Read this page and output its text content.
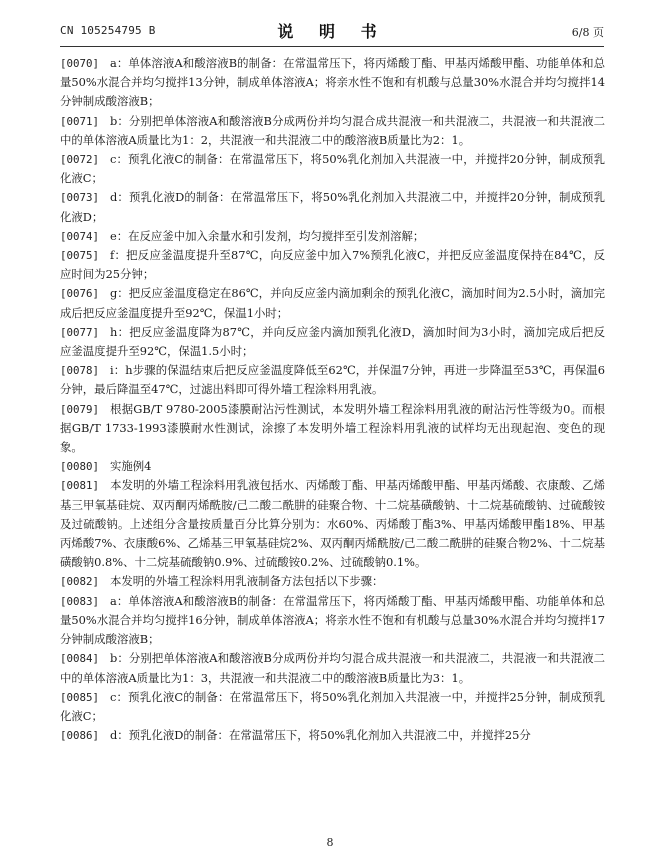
CN 105254795 B	说 明 书	6/8 页

[0070] a：单体溶液A和酸溶液B的制备：在常温常压下，将丙烯酸丁酯、甲基丙烯酸甲酯、功能单体和总量50%水混合并均匀搅拌13分钟，制成单体溶液A；将亲水性不饱和有机酸与总量30%水混合并均匀搅拌14分钟制成酸溶液B；

[0071] b：分别把单体溶液A和酸溶液B分成两份并均匀混合成共混液一和共混液二，共混液一和共混液二中的单体溶液A质量比为1：2，共混液一和共混液二中的酸溶液B质量比为2：1。

[0072] c：预乳化液C的制备：在常温常压下，将50%乳化剂加入共混液一中，并搅拌20分钟，制成预乳化液C；

[0073] d：预乳化液D的制备：在常温常压下，将50%乳化剂加入共混液二中，并搅拌20分钟，制成预乳化液D；

[0074] e：在反应釜中加入余量水和引发剂，均匀搅拌至引发剂溶解；

[0075] f：把反应釜温度提升至87℃，向反应釜中加入7%预乳化液C，并把反应釜温度保持在84℃，反应时间为25分钟；

[0076] g：把反应釜温度稳定在86℃，并向反应釜内滴加剩余的预乳化液C，滴加时间为2.5小时，滴加完成后把反应釜温度提升至92℃，保温1小时；

[0077] h：把反应釜温度降为87℃，并向反应釜内滴加预乳化液D，滴加时间为3小时，滴加完成后把反应釜温度提升至92℃，保温1.5小时；

[0078] i：h步骤的保温结束后把反应釜温度降低至62℃，并保温7分钟，再进一步降温至53℃，再保温6分钟，最后降温至47℃，过滤出料即可得外墙工程涂料用乳液。

[0079] 根据GB/T 9780-2005漆膜耐沾污性测试，本发明外墙工程涂料用乳液的耐沾污性等级为0。而根据GB/T 1733-1993漆膜耐水性测试，涂擦了本发明外墙工程涂料用乳液的试样均无出现起泡、变色的现象。

[0080] 实施例4

[0081] 本发明的外墙工程涂料用乳液包括水、丙烯酸丁酯、甲基丙烯酸甲酯、甲基丙烯酸、衣康酸、乙烯基三甲氧基硅烷、双丙酮丙烯酰胺/己二酸二酰肼的硅聚合物、十二烷基磺酸钠、十二烷基硫酸钠、过硫酸铵及过硫酸钠。上述组分含量按质量百分比算分别为：水60%、丙烯酸丁酯3%、甲基丙烯酸甲酯18%、甲基丙烯酸7%、衣康酸6%、乙烯基三甲氧基硅烷2%、双丙酮丙烯酰胺/己二酸二酰肼的硅聚合物2%、十二烷基磺酸钠0.8%、十二烷基硫酸钠0.9%、过硫酸铵0.2%、过硫酸钠0.1%。

[0082] 本发明的外墙工程涂料用乳液制备方法包括以下步骤：

[0083] a：单体溶液A和酸溶液B的制备：在常温常压下，将丙烯酸丁酯、甲基丙烯酸甲酯、功能单体和总量50%水混合并均匀搅拌16分钟，制成单体溶液A；将亲水性不饱和有机酸与总量30%水混合并均匀搅拌17分钟制成酸溶液B；

[0084] b：分别把单体溶液A和酸溶液B分成两份并均匀混合成共混液一和共混液二，共混液一和共混液二中的单体溶液A质量比为1：3，共混液一和共混液二中的酸溶液B质量比为3：1。

[0085] c：预乳化液C的制备：在常温常压下，将50%乳化剂加入共混液一中，并搅拌25分钟，制成预乳化液C；

[0086] d：预乳化液D的制备：在常温常压下，将50%乳化剂加入共混液二中，并搅拌25分

8
